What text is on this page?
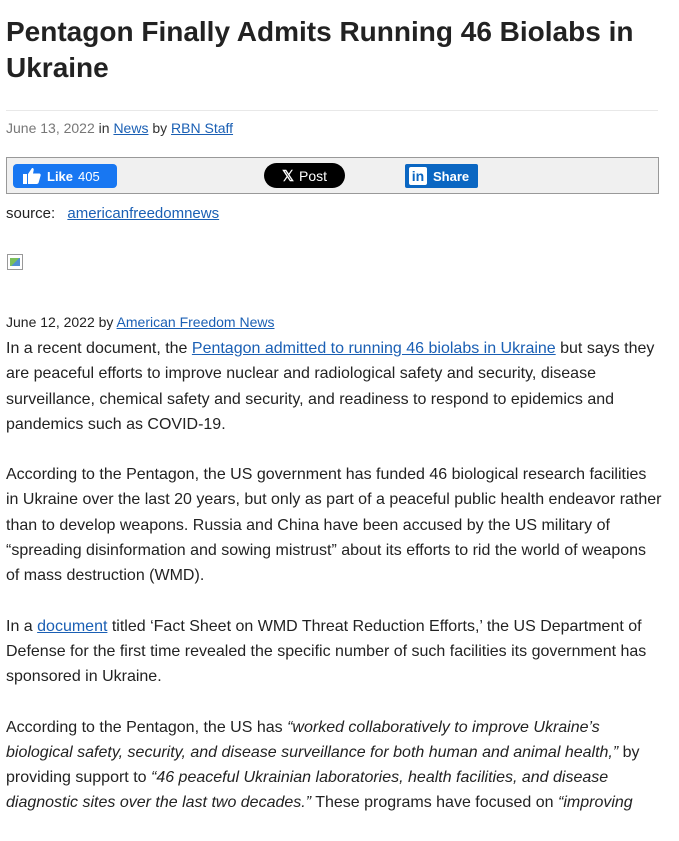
Pentagon Finally Admits Running 46 Biolabs in Ukraine
June 13, 2022 in News by RBN Staff
Like 405	𝕏 Post	in Share
source: americanfreedomnews
June 12, 2022 by American Freedom News

In a recent document, the Pentagon admitted to running 46 biolabs in Ukraine but says they are peaceful efforts to improve nuclear and radiological safety and security, disease surveillance, chemical safety and security, and readiness to respond to epidemics and pandemics such as COVID-19.

According to the Pentagon, the US government has funded 46 biological research facilities in Ukraine over the last 20 years, but only as part of a peaceful public health endeavor rather than to develop weapons. Russia and China have been accused by the US military of “spreading disinformation and sowing mistrust” about its efforts to rid the world of weapons of mass destruction (WMD).

In a document titled ‘Fact Sheet on WMD Threat Reduction Efforts,’ the US Department of Defense for the first time revealed the specific number of such facilities its government has sponsored in Ukraine.

According to the Pentagon, the US has “worked collaboratively to improve Ukraine’s biological safety, security, and disease surveillance for both human and animal health,” by providing support to “46 peaceful Ukrainian laboratories, health facilities, and disease diagnostic sites over the last two decades.” These programs have focused on “improving
